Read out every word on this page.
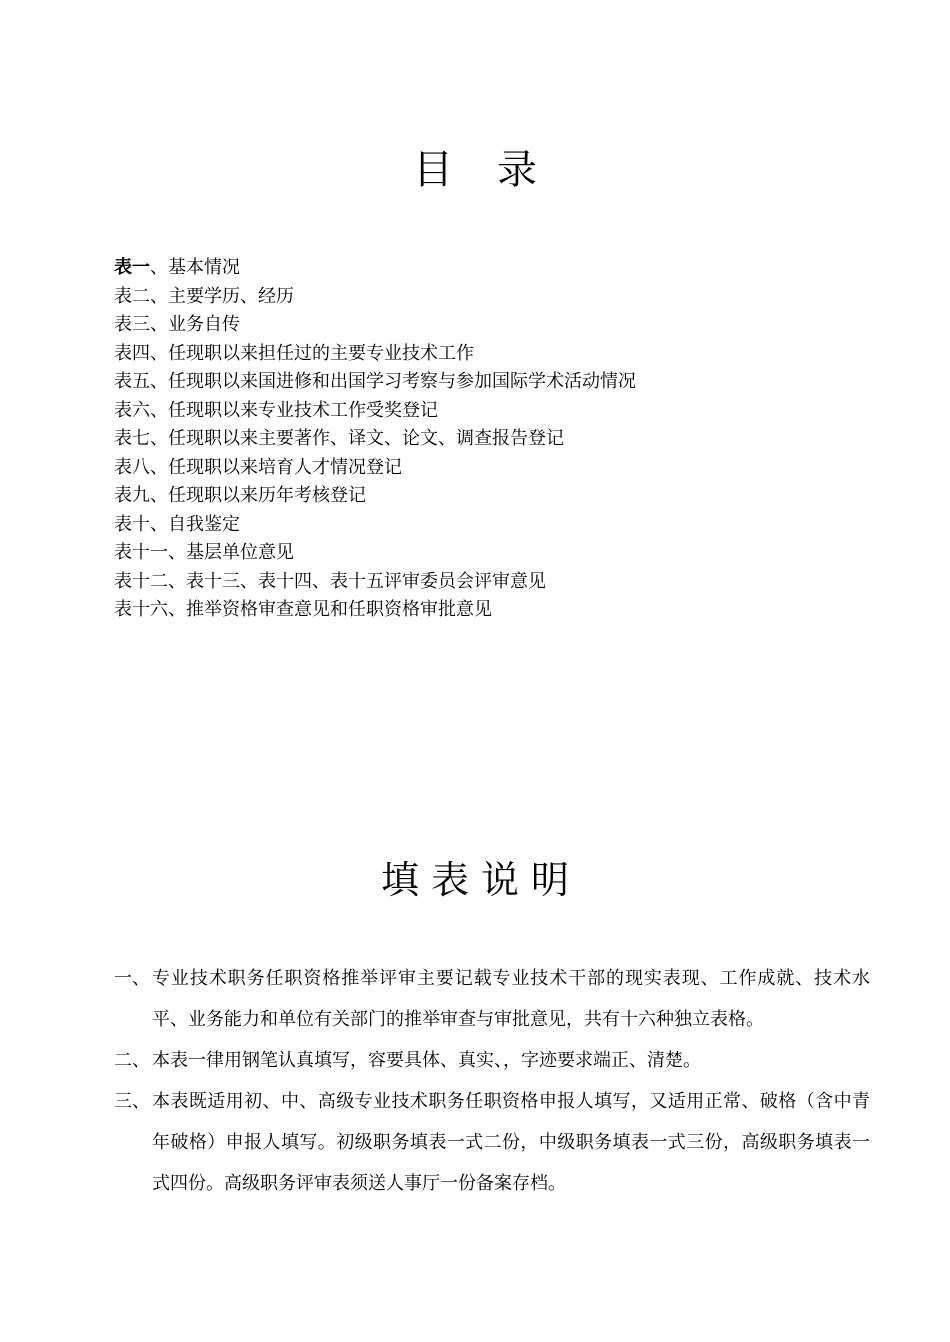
目录
表一、基本情况
表二、主要学历、经历
表三、业务自传
表四、任现职以来担任过的主要专业技术工作
表五、任现职以来国进修和出国学习考察与参加国际学术活动情况
表六、任现职以来专业技术工作受奖登记
表七、任现职以来主要著作、译文、论文、调查报告登记
表八、任现职以来培育人才情况登记
表九、任现职以来历年考核登记
表十、自我鉴定
表十一、基层单位意见
表十二、表十三、表十四、表十五评审委员会评审意见
表十六、推举资格审查意见和任职资格审批意见
填表说明
一、 专业技术职务任职资格推举评审主要记载专业技术干部的现实表现、工作成就、技术水平、业务能力和单位有关部门的推举审查与审批意见，共有十六种独立表格。
二、 本表一律用钢笔认真填写，容要具体、真实、，字迹要求端正、清楚。
三、 本表既适用初、中、高级专业技术职务任职资格申报人填写，又适用正常、破格（含中青年破格）申报人填写。初级职务填表一式二份，中级职务填表一式三份，高级职务填表一式四份。高级职务评审表须送人事厅一份备案存档。
